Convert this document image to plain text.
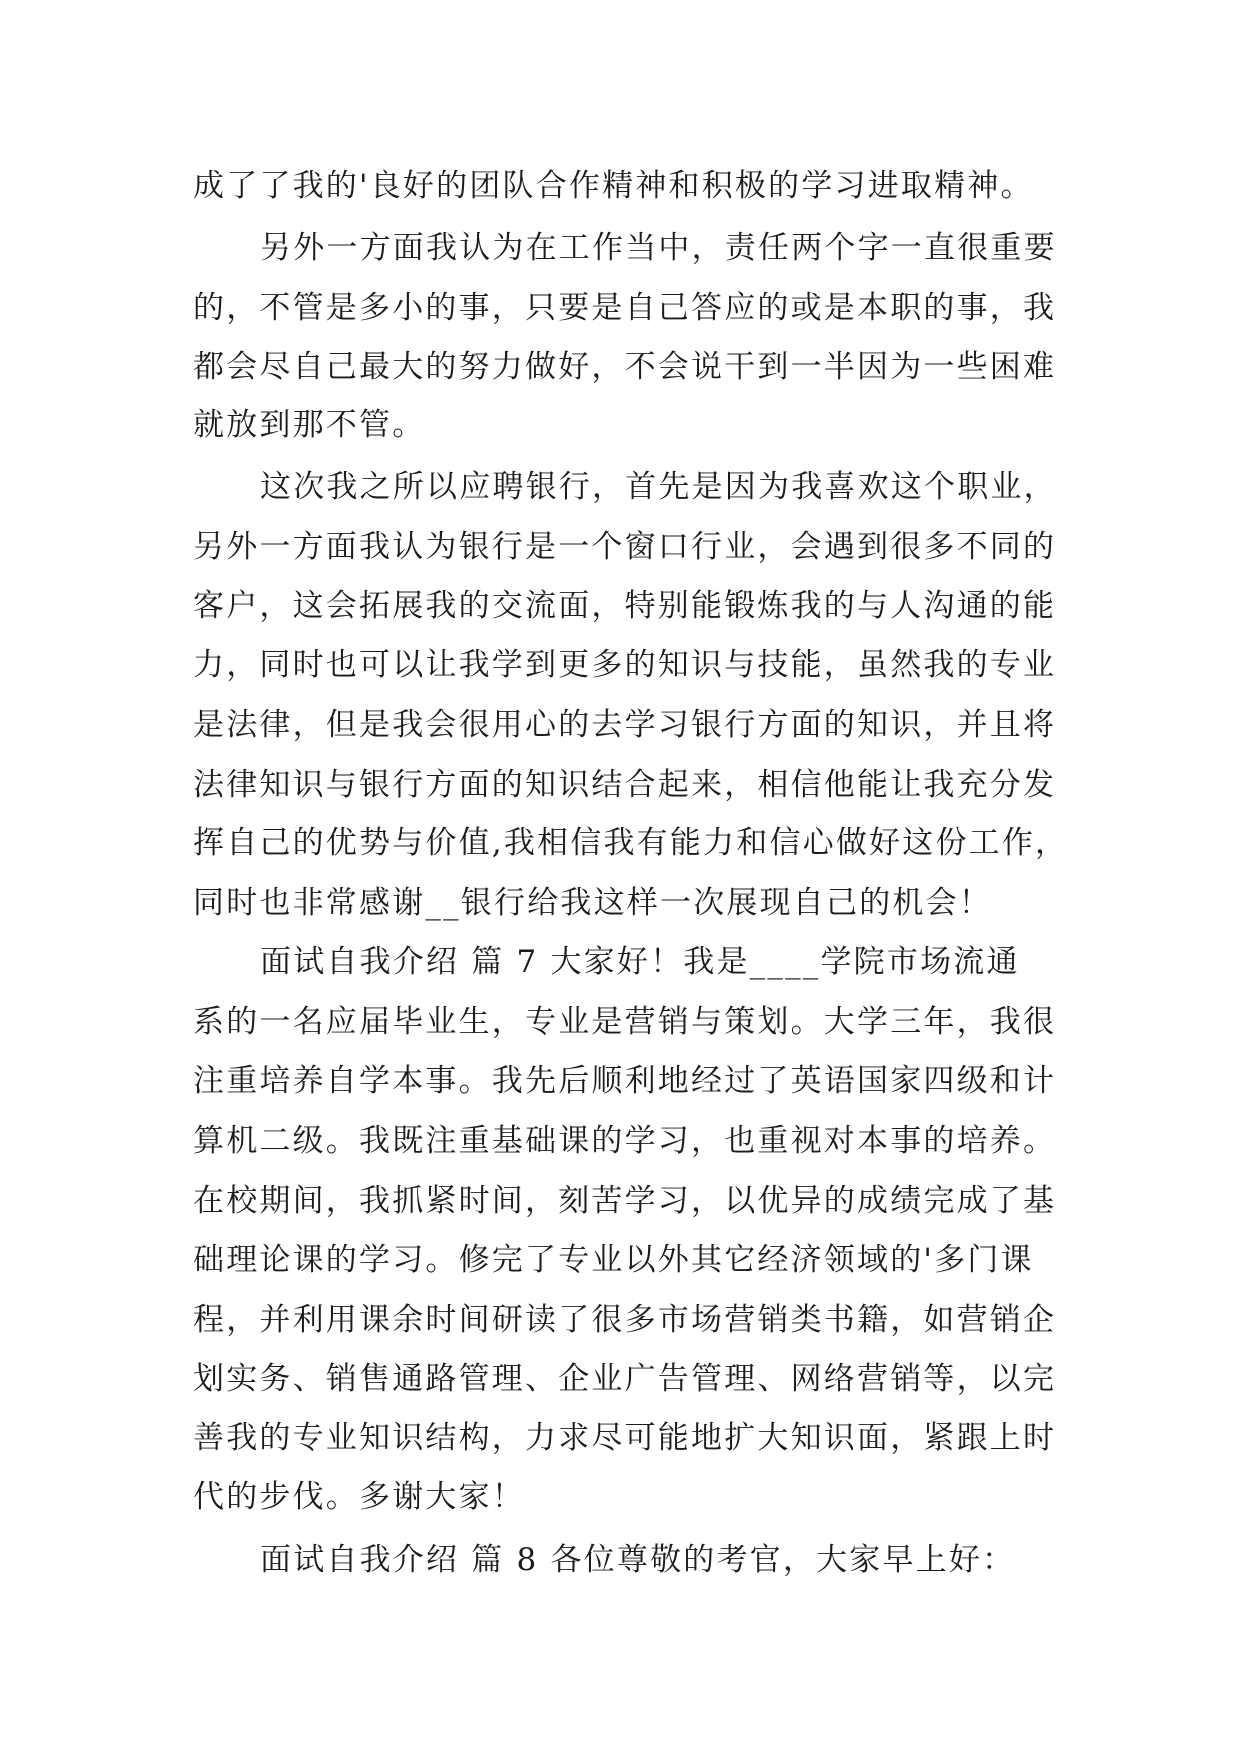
成了了我的'良好的团队合作精神和积极的学习进取精神。
另外一方面我认为在工作当中，责任两个字一直很重要
的，不管是多小的事，只要是自己答应的或是本职的事，我
都会尽自己最大的努力做好，不会说干到一半因为一些困难
就放到那不管。
这次我之所以应聘银行，首先是因为我喜欢这个职业，
另外一方面我认为银行是一个窗口行业，会遇到很多不同的
客户，这会拓展我的交流面，特别能锻炼我的与人沟通的能
力，同时也可以让我学到更多的知识与技能，虽然我的专业
是法律，但是我会很用心的去学习银行方面的知识，并且将
法律知识与银行方面的知识结合起来，相信他能让我充分发
挥自己的优势与价值,我相信我有能力和信心做好这份工作，
同时也非常感谢__银行给我这样一次展现自己的机会！
面试自我介绍 篇 7 大家好！我是____学院市场流通
系的一名应届毕业生，专业是营销与策划。大学三年，我很
注重培养自学本事。我先后顺利地经过了英语国家四级和计
算机二级。我既注重基础课的学习，也重视对本事的培养。
在校期间，我抓紧时间，刻苦学习，以优异的成绩完成了基
础理论课的学习。修完了专业以外其它经济领域的'多门课
程，并利用课余时间研读了很多市场营销类书籍，如营销企
划实务、销售通路管理、企业广告管理、网络营销等，以完
善我的专业知识结构，力求尽可能地扩大知识面，紧跟上时
代的步伐。多谢大家！
面试自我介绍 篇 8 各位尊敬的考官，大家早上好：
